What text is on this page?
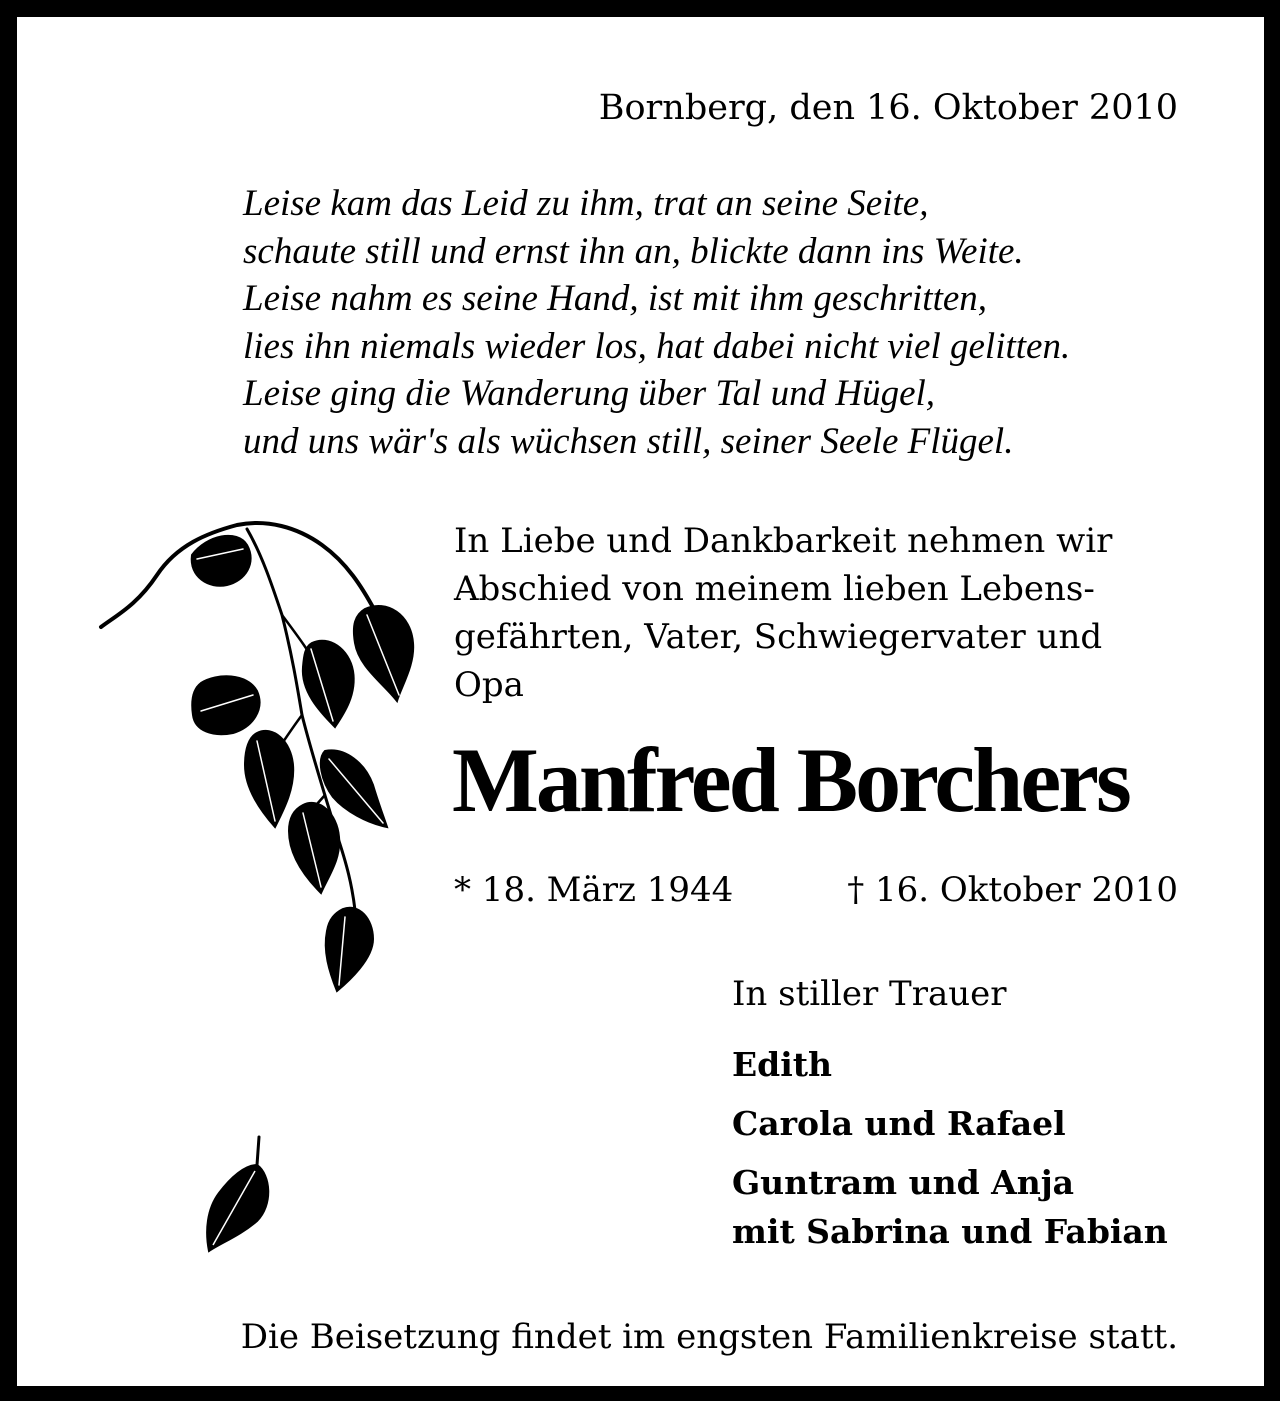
Bornberg, den 16. Oktober 2010
Leise kam das Leid zu ihm, trat an seine Seite,
schaute still und ernst ihn an, blickte dann ins Weite.
Leise nahm es seine Hand, ist mit ihm geschritten,
lies ihn niemals wieder los, hat dabei nicht viel gelitten.
Leise ging die Wanderung über Tal und Hügel,
und uns wär's als wüchsen still, seiner Seele Flügel.
In Liebe und Dankbarkeit nehmen wir
Abschied von meinem lieben Lebens-
gefährten, Vater, Schwiegervater und
Opa
Manfred Borchers
* 18. März 1944	† 16. Oktober 2010
In stiller Trauer
Edith
Carola und Rafael
Guntram und Anja
mit Sabrina und Fabian
Die Beisetzung findet im engsten Familienkreise statt.
